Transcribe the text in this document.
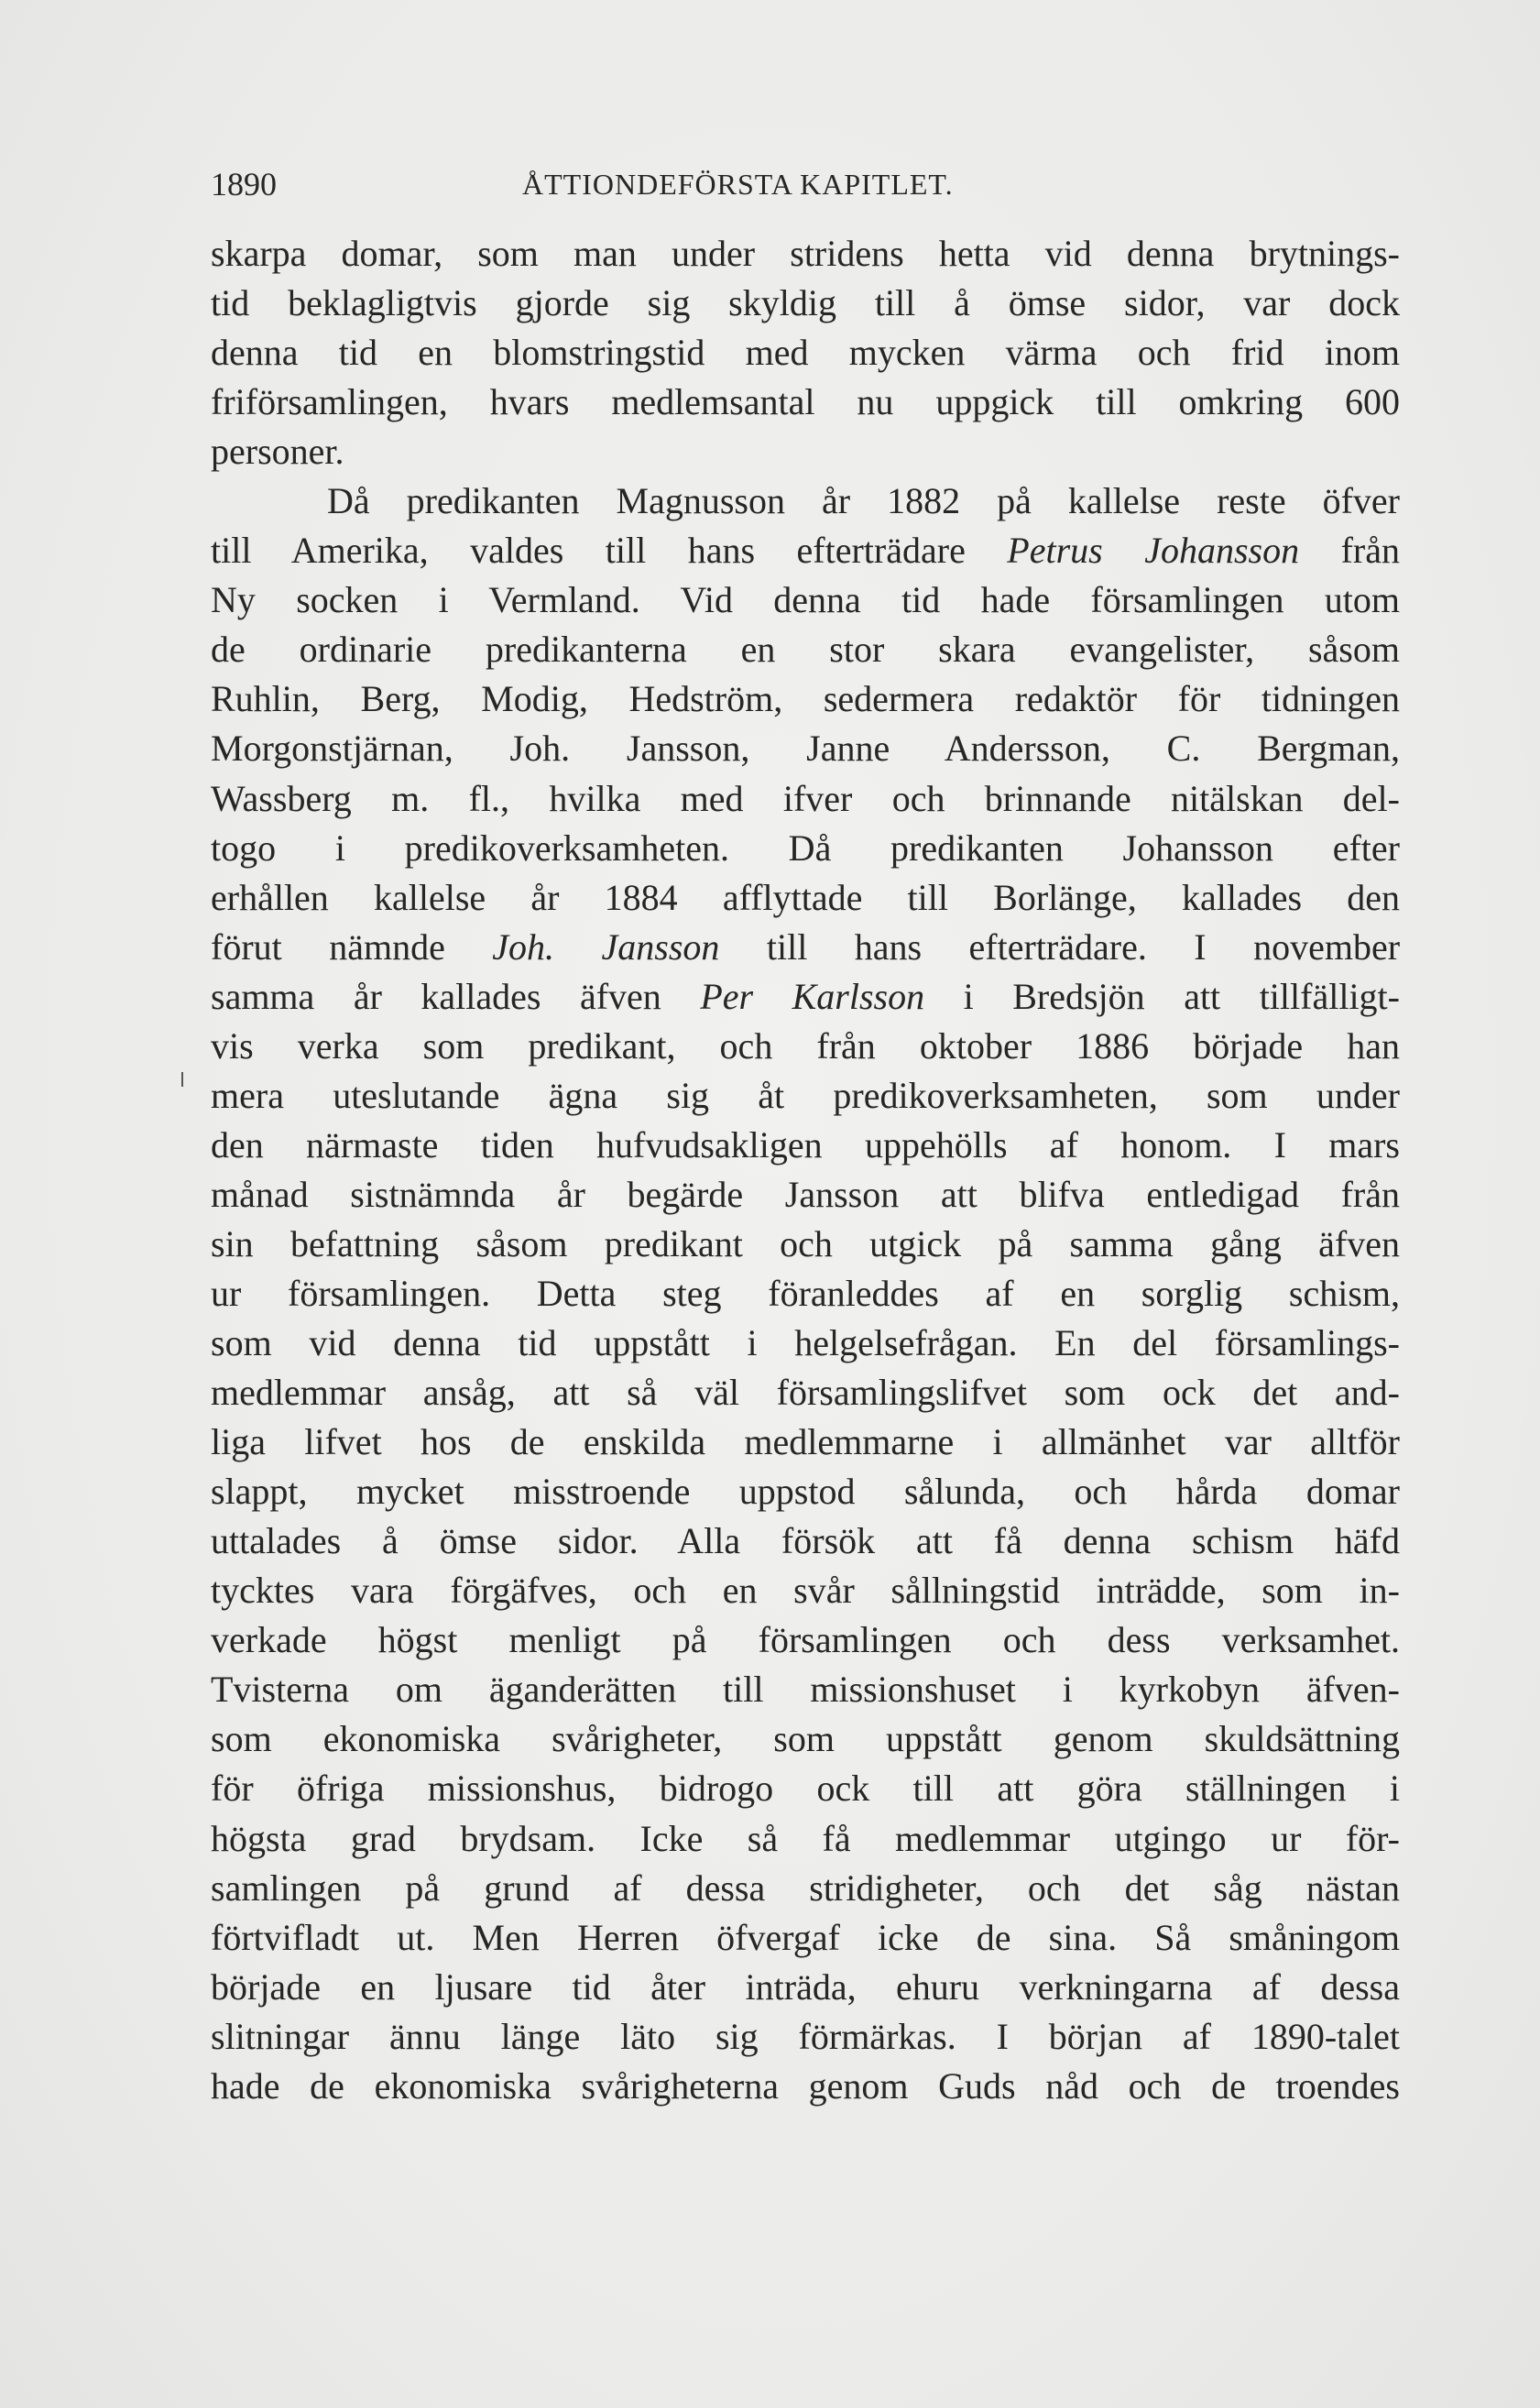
1890	ÅTTIONDEFÖRSTA KAPITLET.
skarpa domar, som man under stridens hetta vid denna brytnings-
tid beklagligtvis gjorde sig skyldig till å ömse sidor, var dock
denna tid en blomstringstid med mycken värma och frid inom
friförsamlingen, hvars medlemsantal nu uppgick till omkring 600
personer.
Då predikanten Magnusson år 1882 på kallelse reste öfver
till Amerika, valdes till hans efterträdare Petrus Johansson från
Ny socken i Vermland. Vid denna tid hade församlingen utom
de ordinarie predikanterna en stor skara evangelister, såsom
Ruhlin, Berg, Modig, Hedström, sedermera redaktör för tidningen
Morgonstjärnan, Joh. Jansson, Janne Andersson, C. Bergman,
Wassberg m. fl., hvilka med ifver och brinnande nitälskan del-
togo i predikoverksamheten. Då predikanten Johansson efter
erhållen kallelse år 1884 afflyttade till Borlänge, kallades den
förut nämnde Joh. Jansson till hans efterträdare. I november
samma år kallades äfven Per Karlsson i Bredsjön att tillfälligt-
vis verka som predikant, och från oktober 1886 började han
mera uteslutande ägna sig åt predikoverksamheten, som under
den närmaste tiden hufvudsakligen uppehölls af honom. I mars
månad sistnämnda år begärde Jansson att blifva entledigad från
sin befattning såsom predikant och utgick på samma gång äfven
ur församlingen. Detta steg föranleddes af en sorglig schism,
som vid denna tid uppstått i helgelsefrågan. En del församlings-
medlemmar ansåg, att så väl församlingslifvet som ock det and-
liga lifvet hos de enskilda medlemmarne i allmänhet var alltför
slappt, mycket misstroende uppstod sålunda, och hårda domar
uttalades å ömse sidor. Alla försök att få denna schism häfd
tycktes vara förgäfves, och en svår sållningstid inträdde, som in-
verkade högst menligt på församlingen och dess verksamhet.
Tvisterna om äganderätten till missionshuset i kyrkobyn äfven-
som ekonomiska svårigheter, som uppstått genom skuldsättning
för öfriga missionshus, bidrogo ock till att göra ställningen i
högsta grad brydsam. Icke så få medlemmar utgingo ur för-
samlingen på grund af dessa stridigheter, och det såg nästan
förtvifladt ut. Men Herren öfvergaf icke de sina. Så småningom
började en ljusare tid åter inträda, ehuru verkningarna af dessa
slitningar ännu länge läto sig förmärkas. I början af 1890-talet
hade de ekonomiska svårigheterna genom Guds nåd och de troendes
